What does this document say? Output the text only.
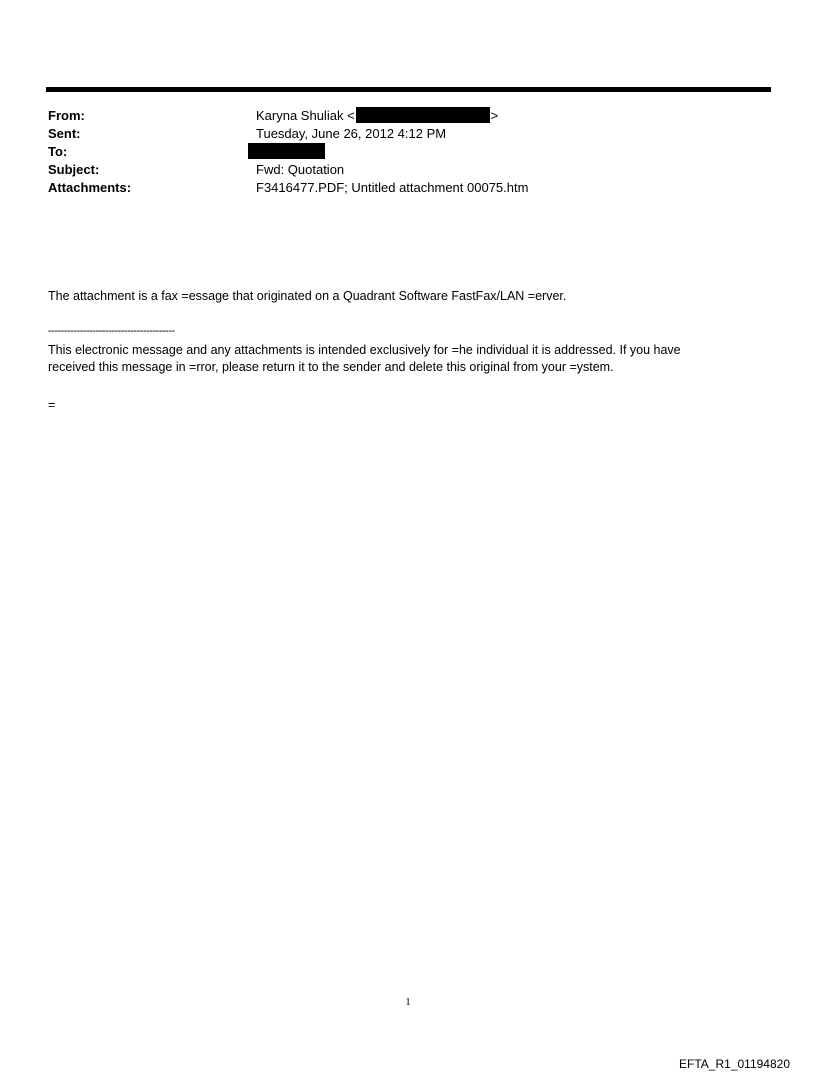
From:	Karyna Shuliak <	>
Sent:	Tuesday, June 26, 2012 4:12 PM
To:
Subject:	Fwd: Quotation
Attachments:	F3416477.PDF; Untitled attachment 00075.htm
The attachment is a fax =essage that originated on a Quadrant Software FastFax/LAN =erver.
----------------------------------------
This electronic message and any attachments is intended exclusively for =he individual it is addressed. If you have
received this message in =rror, please return it to the sender and delete this original from your =ystem.
=
1
EFTA_R1_01194820
